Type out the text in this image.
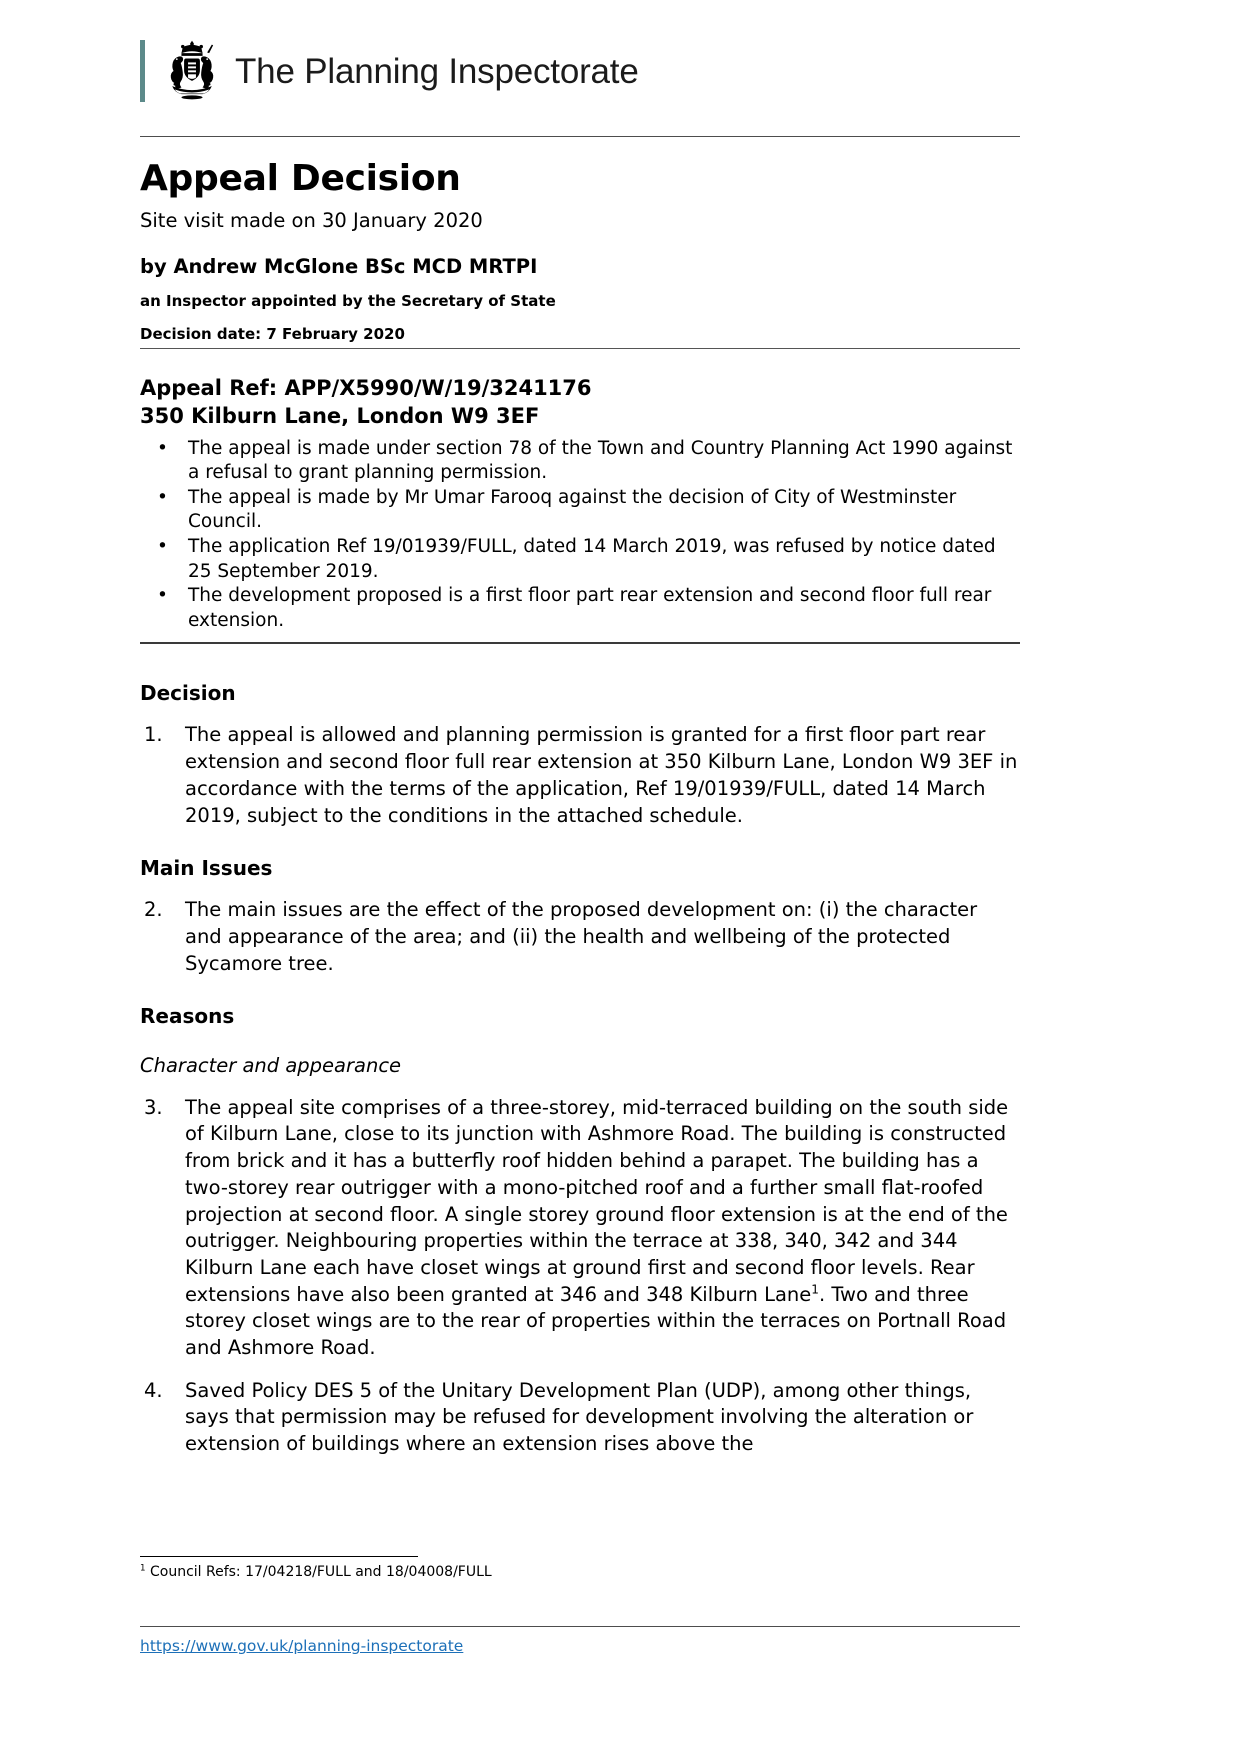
The Planning Inspectorate
Appeal Decision

Site visit made on 30 January 2020

by Andrew McGlone BSc MCD MRTPI

an Inspector appointed by the Secretary of State

Decision date: 7 February 2020

Appeal Ref: APP/X5990/W/19/3241176
350 Kilburn Lane, London W9 3EF
• The appeal is made under section 78 of the Town and Country Planning Act 1990 against a refusal to grant planning permission.
• The appeal is made by Mr Umar Farooq against the decision of City of Westminster Council.
• The application Ref 19/01939/FULL, dated 14 March 2019, was refused by notice dated 25 September 2019.
• The development proposed is a first floor part rear extension and second floor full rear extension.
Decision
1. The appeal is allowed and planning permission is granted for a first floor part rear extension and second floor full rear extension at 350 Kilburn Lane, London W9 3EF in accordance with the terms of the application, Ref 19/01939/FULL, dated 14 March 2019, subject to the conditions in the attached schedule.
Main Issues
2. The main issues are the effect of the proposed development on: (i) the character and appearance of the area; and (ii) the health and wellbeing of the protected Sycamore tree.
Reasons
Character and appearance
3. The appeal site comprises of a three-storey, mid-terraced building on the south side of Kilburn Lane, close to its junction with Ashmore Road. The building is constructed from brick and it has a butterfly roof hidden behind a parapet. The building has a two-storey rear outrigger with a mono-pitched roof and a further small flat-roofed projection at second floor. A single storey ground floor extension is at the end of the outrigger. Neighbouring properties within the terrace at 338, 340, 342 and 344 Kilburn Lane each have closet wings at ground first and second floor levels. Rear extensions have also been granted at 346 and 348 Kilburn Lane$^1$. Two and three storey closet wings are to the rear of properties within the terraces on Portnall Road and Ashmore Road.
4. Saved Policy DES 5 of the Unitary Development Plan (UDP), among other things, says that permission may be refused for development involving the alteration or extension of buildings where an extension rises above the
$^1$ Council Refs: 17/04218/FULL and 18/04008/FULL
https://www.gov.uk/planning-inspectorate
